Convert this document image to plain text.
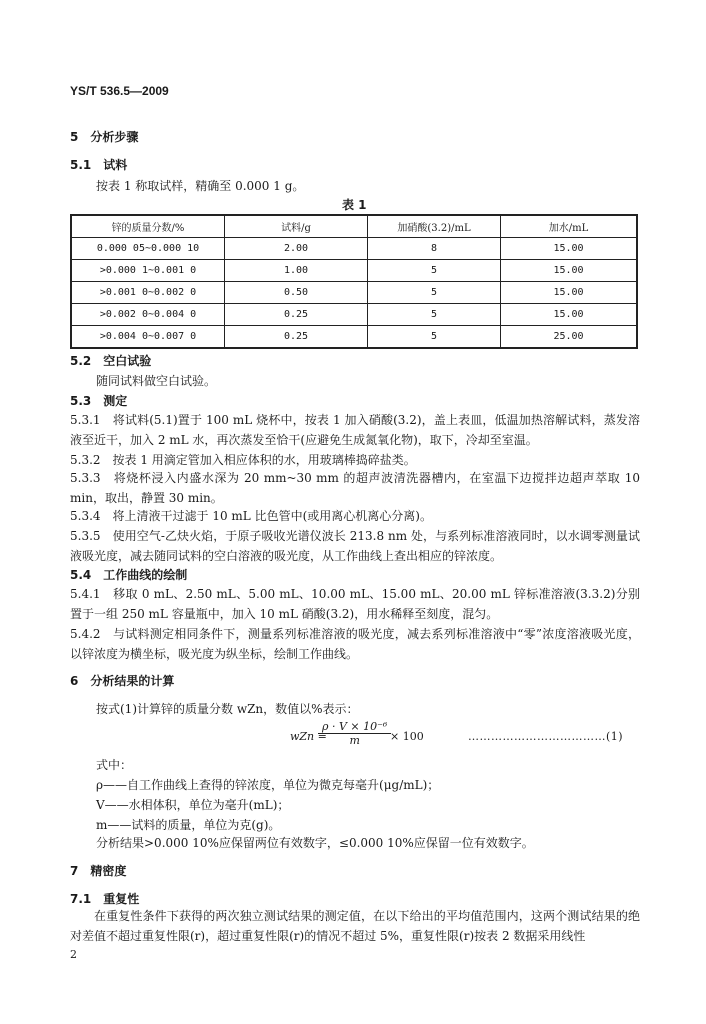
YS/T 536.5—2009
5　分析步骤
5.1　试料
按表 1 称取试样，精确至 0.000 1 g。
表 1
锌的质量分数/%	试料/g	加硝酸(3.2)/mL	加水/mL
0.000 05~0.000 10	2.00	8	15.00
>0.000 1~0.001 0	1.00	5	15.00
>0.001 0~0.002 0	0.50	5	15.00
>0.002 0~0.004 0	0.25	5	15.00
>0.004 0~0.007 0	0.25	5	25.00
5.2　空白试验
随同试料做空白试验。
5.3　测定
5.3.1　将试料(5.1)置于 100 mL 烧杯中，按表 1 加入硝酸(3.2)，盖上表皿，低温加热溶解试料，蒸发溶液至近干，加入 2 mL 水，再次蒸发至恰干(应避免生成氮氧化物)，取下，冷却至室温。
5.3.2　按表 1 用滴定管加入相应体积的水，用玻璃棒捣碎盐类。
5.3.3　将烧杯浸入内盛水深为 20 mm~30 mm 的超声波清洗器槽内，在室温下边搅拌边超声萃取 10 min，取出，静置 30 min。
5.3.4　将上清液干过滤于 10 mL 比色管中(或用离心机离心分离)。
5.3.5　使用空气-乙炔火焰，于原子吸收光谱仪波长 213.8 nm 处，与系列标准溶液同时，以水调零测量试液吸光度，减去随同试料的空白溶液的吸光度，从工作曲线上查出相应的锌浓度。
5.4　工作曲线的绘制
5.4.1　移取 0 mL、2.50 mL、5.00 mL、10.00 mL、15.00 mL、20.00 mL 锌标准溶液(3.3.2)分别置于一组 250 mL 容量瓶中，加入 10 mL 硝酸(3.2)，用水稀释至刻度，混匀。
5.4.2　与试料测定相同条件下，测量系列标准溶液的吸光度，减去系列标准溶液中“零”浓度溶液吸光度，以锌浓度为横坐标，吸光度为纵坐标，绘制工作曲线。
6　分析结果的计算
按式(1)计算锌的质量分数 wZn，数值以%表示：
wZn =
$\frac{\text{ρ · V × 10⁻⁶}}{m}$
× 100	………………………………(1)
式中：
ρ——自工作曲线上查得的锌浓度，单位为微克每毫升(μg/mL)；
V——水相体积，单位为毫升(mL)；
m——试料的质量，单位为克(g)。
分析结果>0.000 10%应保留两位有效数字，≤0.000 10%应保留一位有效数字。
7　精密度
7.1　重复性
在重复性条件下获得的两次独立测试结果的测定值，在以下给出的平均值范围内，这两个测试结果的绝对差值不超过重复性限(r)，超过重复性限(r)的情况不超过 5%，重复性限(r)按表 2 数据采用线性
2
